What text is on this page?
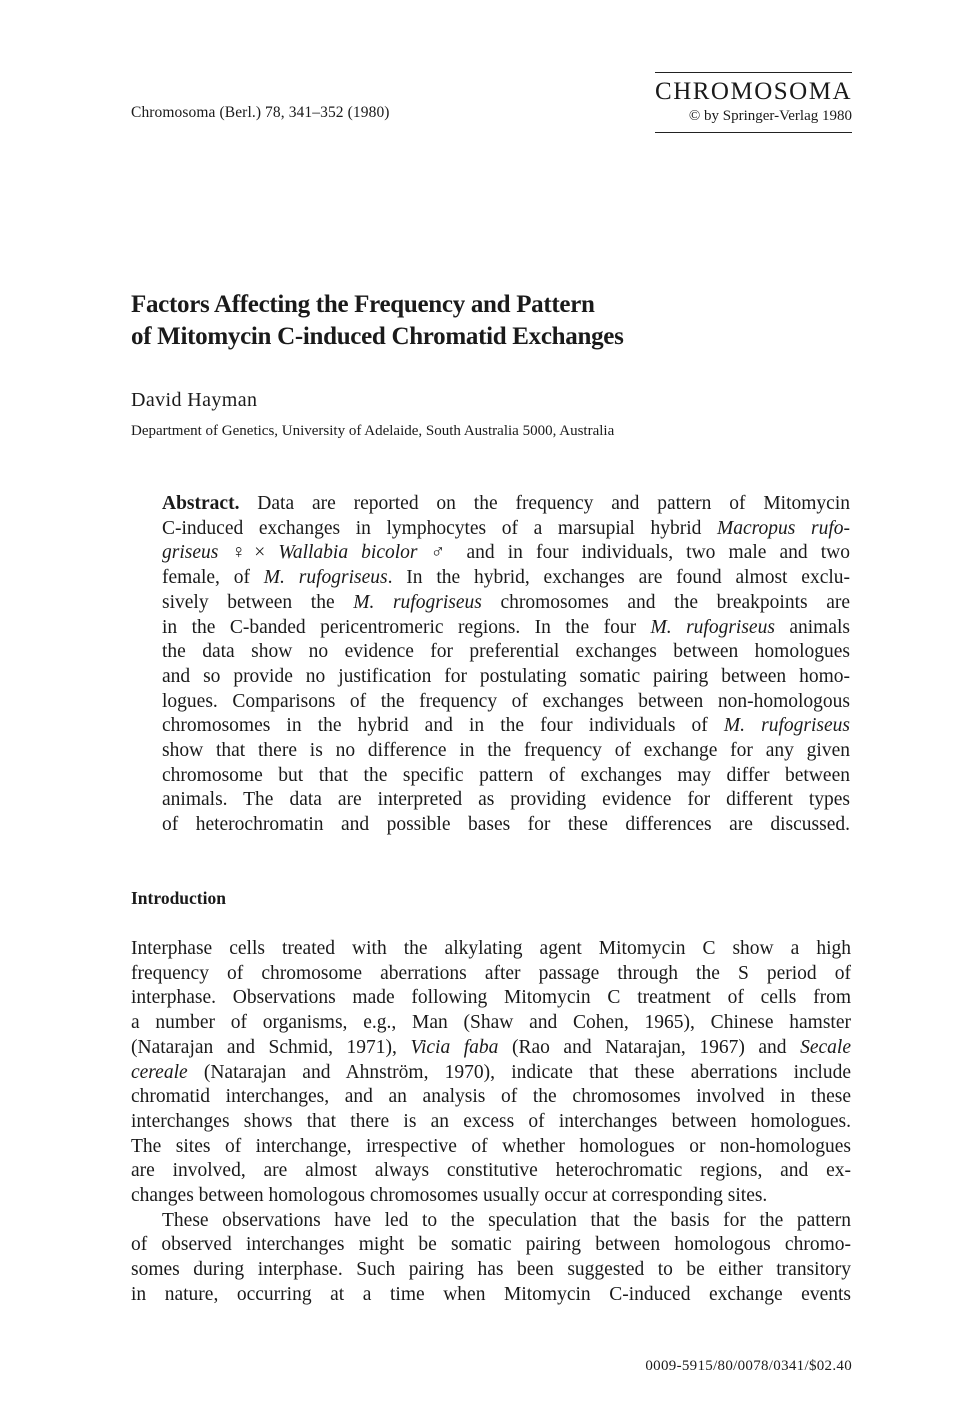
Chromosoma (Berl.) 78, 341–352 (1980)
CHROMOSOMA
© by Springer-Verlag 1980
Factors Affecting the Frequency and Pattern
of Mitomycin C-induced Chromatid Exchanges
David Hayman
Department of Genetics, University of Adelaide, South Australia 5000, Australia

Abstract. Data are reported on the frequency and pattern of Mitomycin
C-induced exchanges in lymphocytes of a marsupial hybrid Macropus rufo-
griseus ♀× Wallabia bicolor ♂ and in four individuals, two male and two
female, of M. rufogriseus. In the hybrid, exchanges are found almost exclu-
sively between the M. rufogriseus chromosomes and the breakpoints are
in the C-banded pericentromeric regions. In the four M. rufogriseus animals
the data show no evidence for preferential exchanges between homologues
and so provide no justification for postulating somatic pairing between homo-
logues. Comparisons of the frequency of exchanges between non-homologous
chromosomes in the hybrid and in the four individuals of M. rufogriseus
show that there is no difference in the frequency of exchange for any given
chromosome but that the specific pattern of exchanges may differ between
animals. The data are interpreted as providing evidence for different types
of heterochromatin and possible bases for these differences are discussed.

Introduction

Interphase cells treated with the alkylating agent Mitomycin C show a high
frequency of chromosome aberrations after passage through the S period of
interphase. Observations made following Mitomycin C treatment of cells from
a number of organisms, e.g., Man (Shaw and Cohen, 1965), Chinese hamster
(Natarajan and Schmid, 1971), Vicia faba (Rao and Natarajan, 1967) and Secale
cereale (Natarajan and Ahnström, 1970), indicate that these aberrations include
chromatid interchanges, and an analysis of the chromosomes involved in these
interchanges shows that there is an excess of interchanges between homologues.
The sites of interchange, irrespective of whether homologues or non-homologues
are involved, are almost always constitutive heterochromatic regions, and ex-
changes between homologous chromosomes usually occur at corresponding sites.

These observations have led to the speculation that the basis for the pattern
of observed interchanges might be somatic pairing between homologous chromo-
somes during interphase. Such pairing has been suggested to be either transitory
in nature, occurring at a time when Mitomycin C-induced exchange events

0009-5915/80/0078/0341/$02.40
